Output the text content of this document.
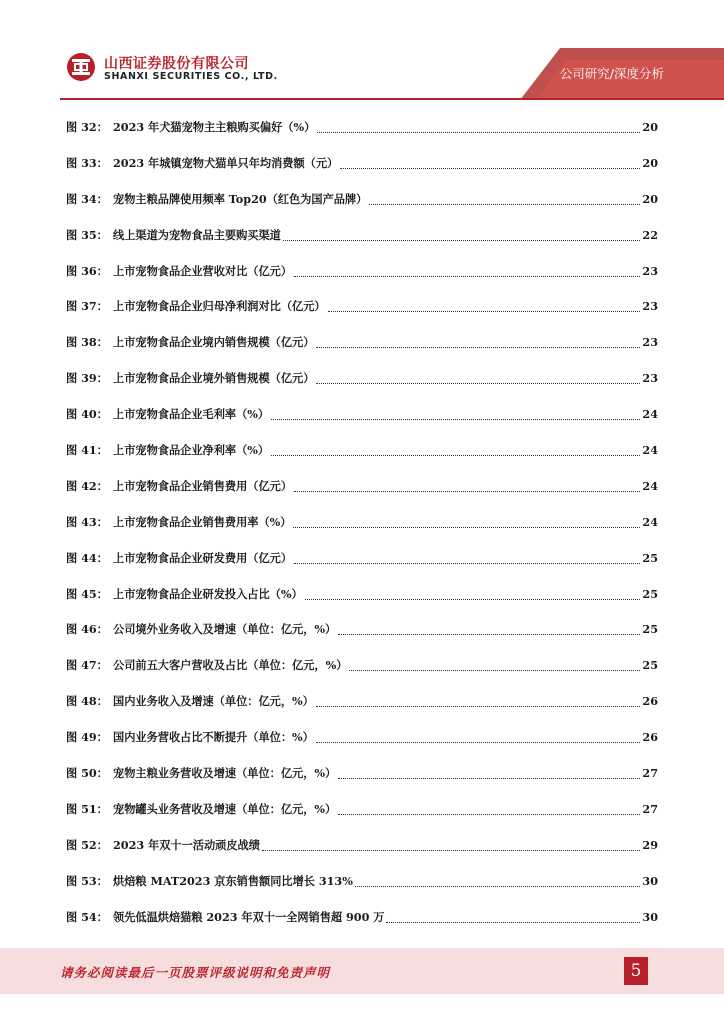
山西证券股份有限公司
SHANXI SECURITIES CO., LTD.	公司研究/深度分析
图 32： 2023 年犬猫宠物主主粮购买偏好（%）	20
图 33： 2023 年城镇宠物犬猫单只年均消费额（元）	20
图 34： 宠物主粮品牌使用频率 Top20（红色为国产品牌）	20
图 35： 线上渠道为宠物食品主要购买渠道	22
图 36： 上市宠物食品企业营收对比（亿元）	23
图 37： 上市宠物食品企业归母净利润对比（亿元）	23
图 38： 上市宠物食品企业境内销售规模（亿元）	23
图 39： 上市宠物食品企业境外销售规模（亿元）	23
图 40： 上市宠物食品企业毛利率（%）	24
图 41： 上市宠物食品企业净利率（%）	24
图 42： 上市宠物食品企业销售费用（亿元）	24
图 43： 上市宠物食品企业销售费用率（%）	24
图 44： 上市宠物食品企业研发费用（亿元）	25
图 45： 上市宠物食品企业研发投入占比（%）	25
图 46： 公司境外业务收入及增速（单位：亿元，%）	25
图 47： 公司前五大客户营收及占比（单位：亿元，%）	25
图 48： 国内业务收入及增速（单位：亿元，%）	26
图 49： 国内业务营收占比不断提升（单位：%）	26
图 50： 宠物主粮业务营收及增速（单位：亿元，%）	27
图 51： 宠物罐头业务营收及增速（单位：亿元，%）	27
图 52： 2023 年双十一活动顽皮战绩	29
图 53： 烘焙粮 MAT2023 京东销售额同比增长 313%	30
图 54： 领先低温烘焙猫粮 2023 年双十一全网销售超 900 万	30
请务必阅读最后一页股票评级说明和免责声明	5
